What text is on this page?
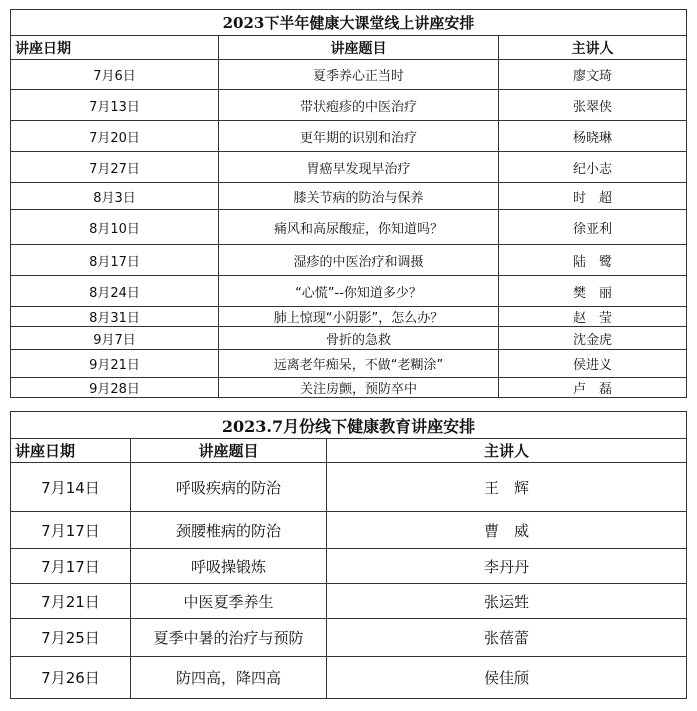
2023下半年健康大课堂线上讲座安排		
讲座日期	讲座题目	主讲人
7月6日	夏季养心正当时	廖文琦
7月13日	带状疱疹的中医治疗	张翠侠
7月20日	更年期的识别和治疗	杨晓琳
7月27日	胃癌早发现早治疗	纪小志
8月3日	膝关节病的防治与保养	时　超
8月10日	痛风和高尿酸症，你知道吗？	徐亚利
8月17日	湿疹的中医治疗和调摄	陆　鹭
8月24日	“心慌”--你知道多少？	樊　丽
8月31日	肺上惊现“小阴影”，怎么办？	赵　莹
9月7日	骨折的急救	沈金虎
9月21日	远离老年痴呆，不做“老糊涂”	侯进义
9月28日	关注房颤，预防卒中	卢　磊
2023.7月份线下健康教育讲座安排		
讲座日期	讲座题目	主讲人
7月14日	呼吸疾病的防治	王　辉
7月17日	颈腰椎病的防治	曹　威
7月17日	呼吸操锻炼	李丹丹
7月21日	中医夏季养生	张运甡
7月25日	夏季中暑的治疗与预防	张蓓蕾
7月26日	防四高，降四高	侯佳颀
